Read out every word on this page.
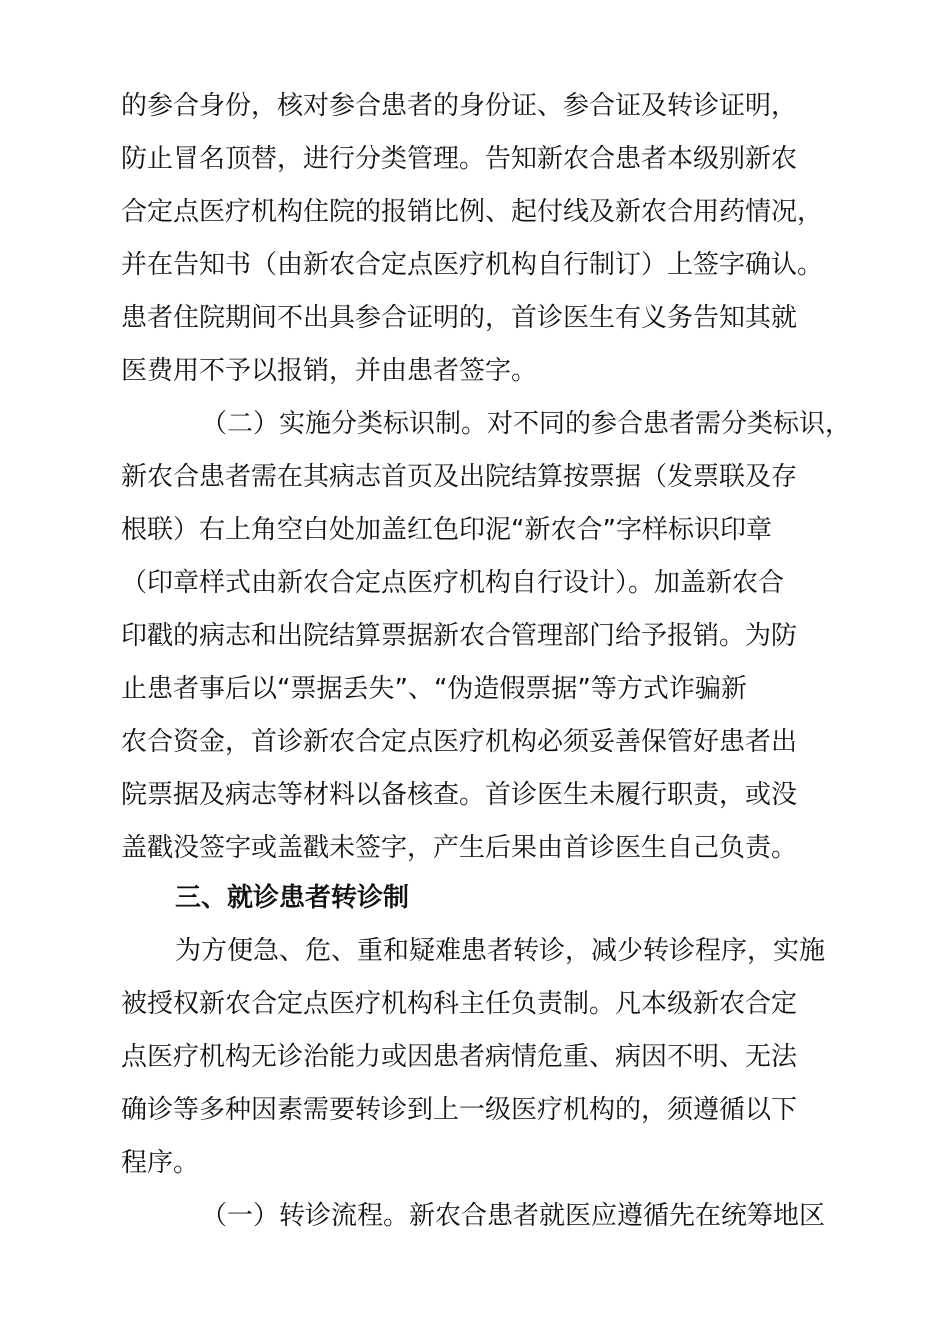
的参合身份，核对参合患者的身份证、参合证及转诊证明，
防止冒名顶替，进行分类管理。告知新农合患者本级别新农
合定点医疗机构住院的报销比例、起付线及新农合用药情况，
并在告知书（由新农合定点医疗机构自行制订）上签字确认。
患者住院期间不出具参合证明的，首诊医生有义务告知其就
医费用不予以报销，并由患者签字。
（二）实施分类标识制。对不同的参合患者需分类标识，
新农合患者需在其病志首页及出院结算按票据（发票联及存
根联）右上角空白处加盖红色印泥“新农合”字样标识印章
（印章样式由新农合定点医疗机构自行设计）。加盖新农合
印戳的病志和出院结算票据新农合管理部门给予报销。为防
止患者事后以“票据丢失”、“伪造假票据”等方式诈骗新
农合资金，首诊新农合定点医疗机构必须妥善保管好患者出
院票据及病志等材料以备核查。首诊医生未履行职责，或没
盖戳没签字或盖戳未签字，产生后果由首诊医生自己负责。
三、就诊患者转诊制
为方便急、危、重和疑难患者转诊，减少转诊程序，实施
被授权新农合定点医疗机构科主任负责制。凡本级新农合定
点医疗机构无诊治能力或因患者病情危重、病因不明、无法
确诊等多种因素需要转诊到上一级医疗机构的，须遵循以下
程序。
（一）转诊流程。新农合患者就医应遵循先在统筹地区
